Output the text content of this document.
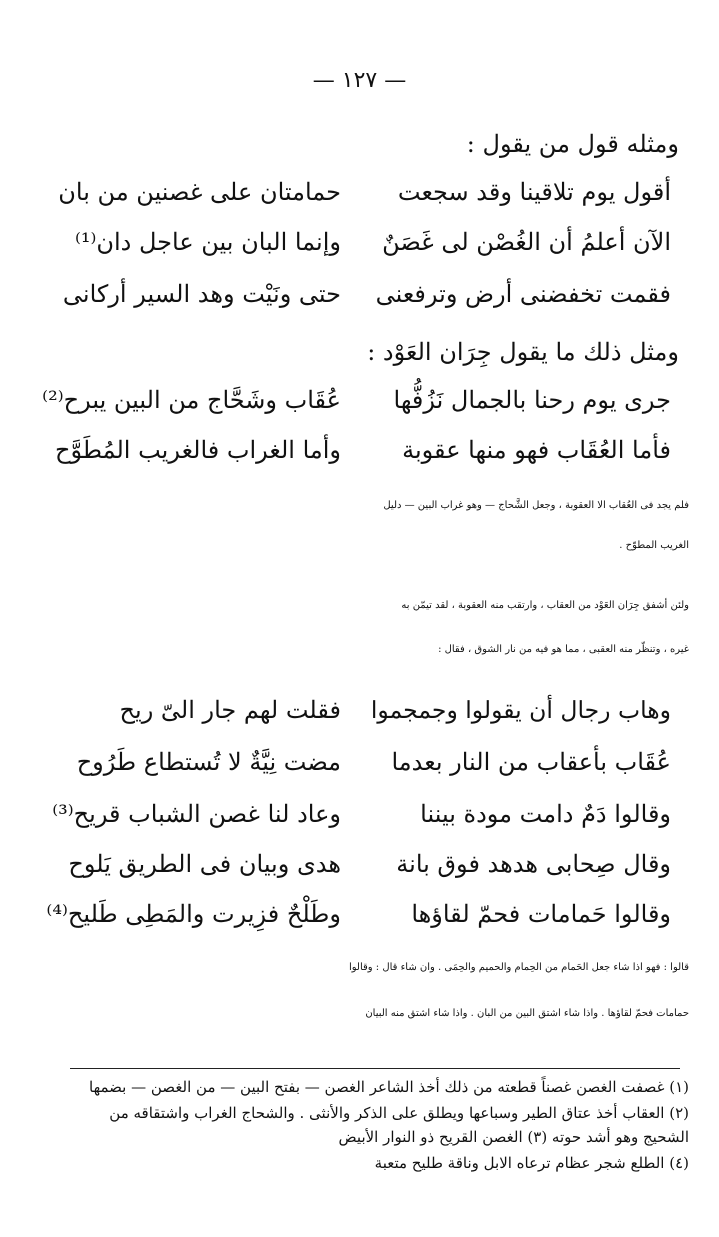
— ١٢٧ —
ومثله قول من يقول :
أقول يوم تلاقينا وقد سجعت
حمامتان على غصنين من بان
الآن أعلمُ أن الغُصْن لى غَصَنٌ
وإنما البان بين عاجل دان⁽¹⁾
فقمت تخفضنى أرض وترفعنى
حتى ونَيْت وهد السير أركانى
ومثل ذلك ما يقول جِرَان العَوْد :
جرى يوم رحنا بالجمال نَزُفُّها
عُقَاب وشَحَّاج من البين يبرح⁽²⁾
فأما العُقَاب فهو منها عقوبة
وأما الغراب فالغريب المُطَوَّح
فلم يجد فى العُقاب الا العقوبة ، وجعل الشَّحاج — وهو غراب البين — دليل
الغريب المطوّح .
ولئن أشفق جِرَان العَوْد من العقاب ، وارتقب منه العقوبة ، لقد تيمّن به
غيره ، وتنظّر منه العقبى ، مما هو فيه من نار الشوق ، فقال :
وهاب رجال أن يقولوا وجمجموا
فقلت لهم جار الىّ ريح
عُقَاب بأعقاب من النار بعدما
مضت نِيَّةٌ لا تُستطاع طَرُوح
وقالوا دَمٌ دامت مودة بيننا
وعاد لنا غصن الشباب قريح⁽³⁾
وقال صِحابى هدهد فوق بانة
هدى وبيان فى الطريق يَلوح
وقالوا حَمامات فحمّ لقاؤها
وطَلْحٌ فزِيرت والمَطِى طَليح⁽⁴⁾
قالوا : فهو اذا شاء جعل الحَمام من الحِمام والحميم والحِمَى . وان شاء قال : وقالوا
حمامات فحمّ لقاؤها . واذا شاء اشتق البين من البان . واذا شاء اشتق منه البيان
(١) غصفت الغصن غصناً قطعته من ذلك أخذ الشاعر الغصن — بفتح البين — من الغصن — بضمها
(٢) العقاب أخذ عتاق الطير وسباعها ويطلق على الذكر والأنثى . والشحاج الغراب واشتقاقه من
الشحيج وهو أشد حوته (٣) الغصن القريح ذو النوار الأبيض
(٤) الطلع شجر عظام ترعاه الابل وناقة طليح متعبة
